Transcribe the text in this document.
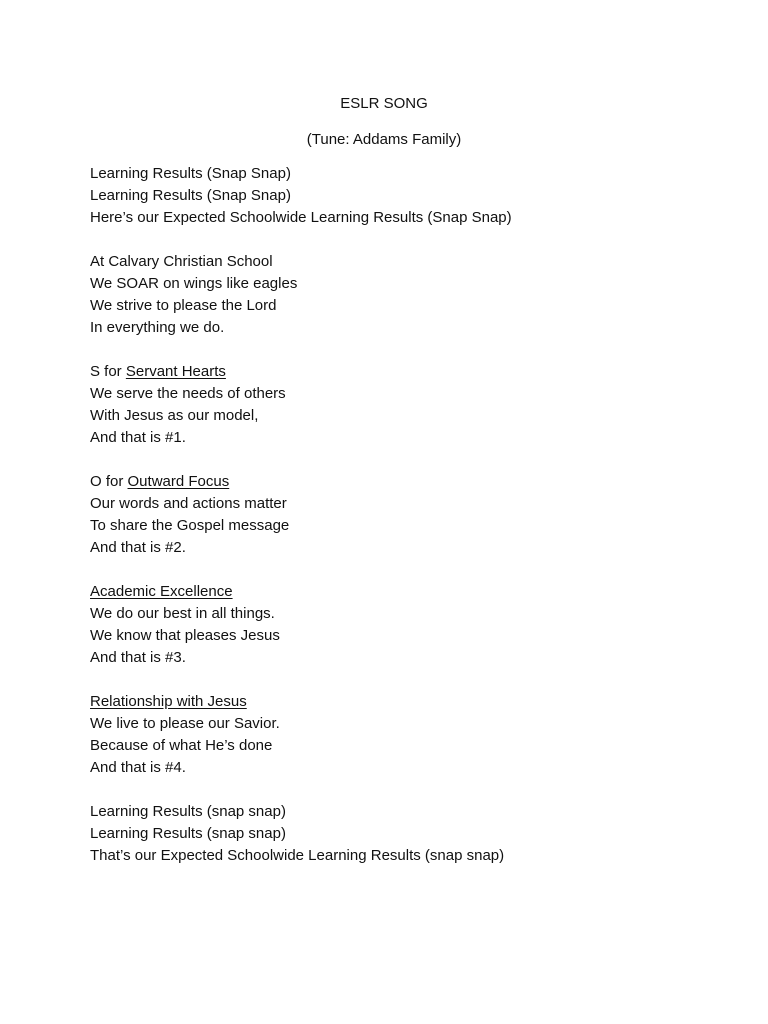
ESLR SONG

(Tune: Addams Family)

Learning Results (Snap Snap)
Learning Results (Snap Snap)
Here’s our Expected Schoolwide Learning Results (Snap Snap)
At Calvary Christian School
We SOAR on wings like eagles
We strive to please the Lord
In everything we do.
S for Servant Hearts
We serve the needs of others
With Jesus as our model,
And that is #1.
O for Outward Focus
Our words and actions matter
To share the Gospel message
And that is #2.
Academic Excellence
We do our best in all things.
We know that pleases Jesus
And that is #3.
Relationship with Jesus
We live to please our Savior.
Because of what He’s done
And that is #4.
Learning Results (snap snap)
Learning Results (snap snap)
That’s our Expected Schoolwide Learning Results (snap snap)
